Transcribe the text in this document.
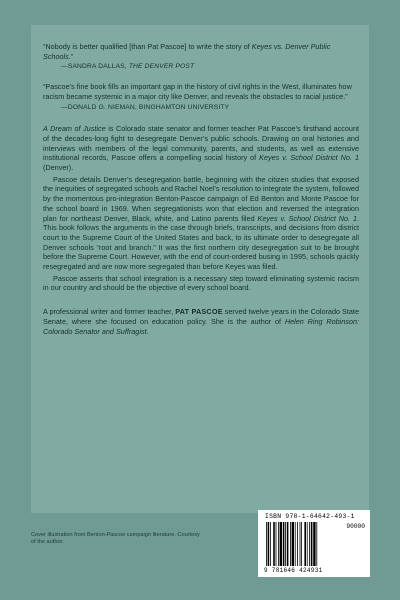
“Nobody is better qualified [than Pat Pascoe] to write the story of Keyes vs. Denver Public Schools.”

—SANDRA DALLAS, THE DENVER POST

“Pascoe’s fine book fills an important gap in the history of civil rights in the West, illuminates how racism became systemic in a major city like Denver, and reveals the obstacles to racial justice.”

—DONALD G. NIEMAN, BINGHAMTON UNIVERSITY

A Dream of Justice is Colorado state senator and former teacher Pat Pascoe’s firsthand account of the decades-long fight to desegregate Denver’s public schools. Drawing on oral histories and interviews with members of the legal community, parents, and students, as well as extensive institutional records, Pascoe offers a compelling social history of Keyes v. School District No. 1 (Denver).

Pascoe details Denver’s desegregation battle, beginning with the citizen studies that exposed the inequities of segregated schools and Rachel Noel’s resolution to integrate the system, followed by the momentous pro-integration Benton-Pascoe campaign of Ed Benton and Monte Pascoe for the school board in 1969. When segregationists won that election and reversed the integration plan for northeast Denver, Black, white, and Latino parents filed Keyes v. School District No. 1. This book follows the arguments in the case through briefs, transcripts, and decisions from district court to the Supreme Court of the United States and back, to its ultimate order to desegregate all Denver schools “root and branch.” It was the first northern city desegregation suit to be brought before the Supreme Court. However, with the end of court-ordered busing in 1995, schools quickly resegregated and are now more segregated than before Keyes was filed.

Pascoe asserts that school integration is a necessary step toward eliminating systemic racism in our country and should be the objective of every school board.

A professional writer and former teacher, PAT PASCOE served twelve years in the Colorado State Senate, where she focused on education policy. She is the author of Helen Ring Robinson: Colorado Senator and Suffragist.

Cover illustration from Benton-Pascoe campaign literature. Courtesy of the author.
ISBN 978-1-64642-493-1
90000
9 781646 424931
